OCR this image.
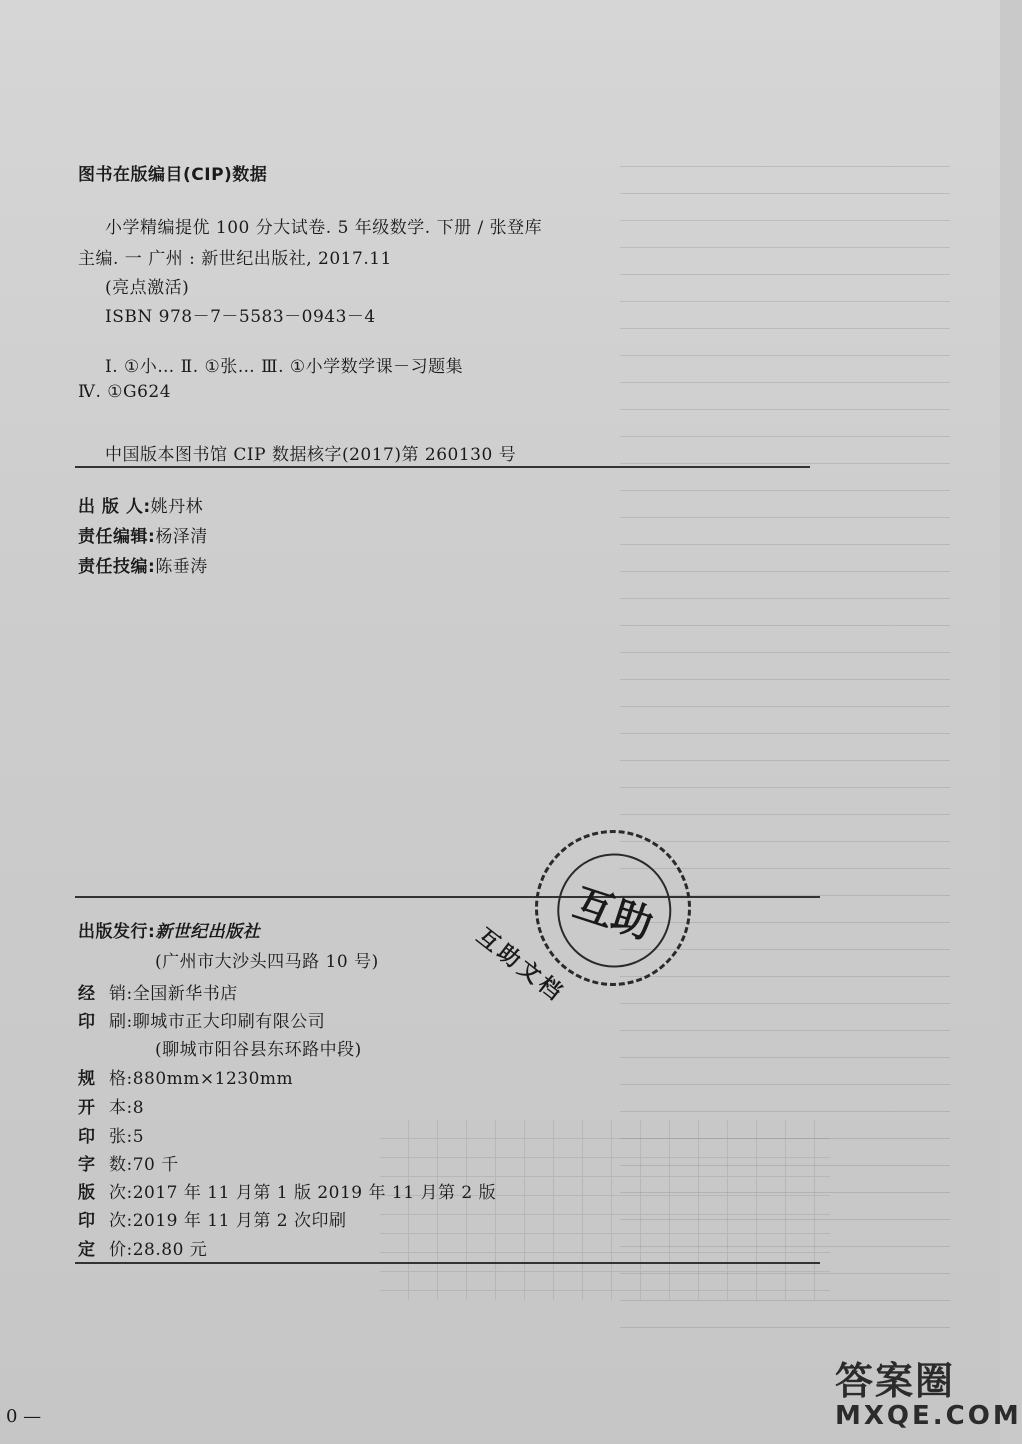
图书在版编目(CIP)数据
小学精编提优 100 分大试卷. 5 年级数学. 下册 / 张登库
主编. 一 广州 : 新世纪出版社, 2017.11
(亮点激活)
ISBN 978－7－5583－0943－4
Ⅰ. ①小… Ⅱ. ①张… Ⅲ. ①小学数学课－习题集
Ⅳ. ①G624
中国版本图书馆 CIP 数据核字(2017)第 260130 号
出 版 人:姚丹林
责任编辑:杨泽清
责任技编:陈垂涛
出版发行:新世纪出版社
(广州市大沙头四马路 10 号)
经销:全国新华书店
印刷:聊城市正大印刷有限公司
(聊城市阳谷县东环路中段)
规格:880mm×1230mm
开本:8
印张:5
字数:70 千
版次:2017 年 11 月第 1 版 2019 年 11 月第 2 版
印次:2019 年 11 月第 2 次印刷
定价:28.80 元
互助
互助文档
答案圈
MXQE.COM
0 —
